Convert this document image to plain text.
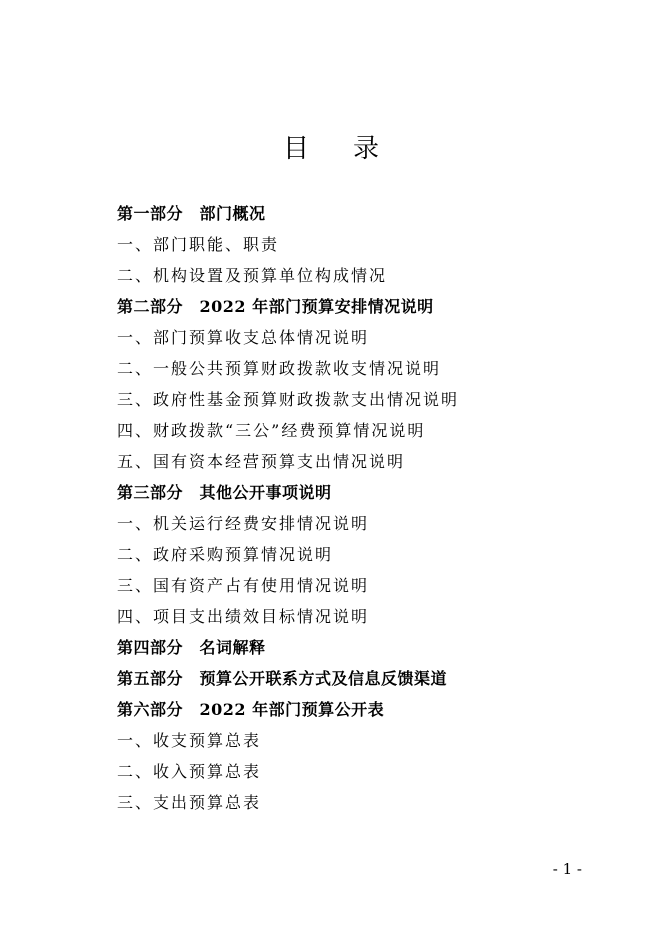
目录
第一部分　部门概况
一、部门职能、职责
二、机构设置及预算单位构成情况
第二部分　2022 年部门预算安排情况说明
一、部门预算收支总体情况说明
二、一般公共预算财政拨款收支情况说明
三、政府性基金预算财政拨款支出情况说明
四、财政拨款“三公”经费预算情况说明
五、国有资本经营预算支出情况说明
第三部分　其他公开事项说明
一、机关运行经费安排情况说明
二、政府采购预算情况说明
三、国有资产占有使用情况说明
四、项目支出绩效目标情况说明
第四部分　名词解释
第五部分　预算公开联系方式及信息反馈渠道
第六部分　2022 年部门预算公开表
一、收支预算总表
二、收入预算总表
三、支出预算总表
- 1 -
